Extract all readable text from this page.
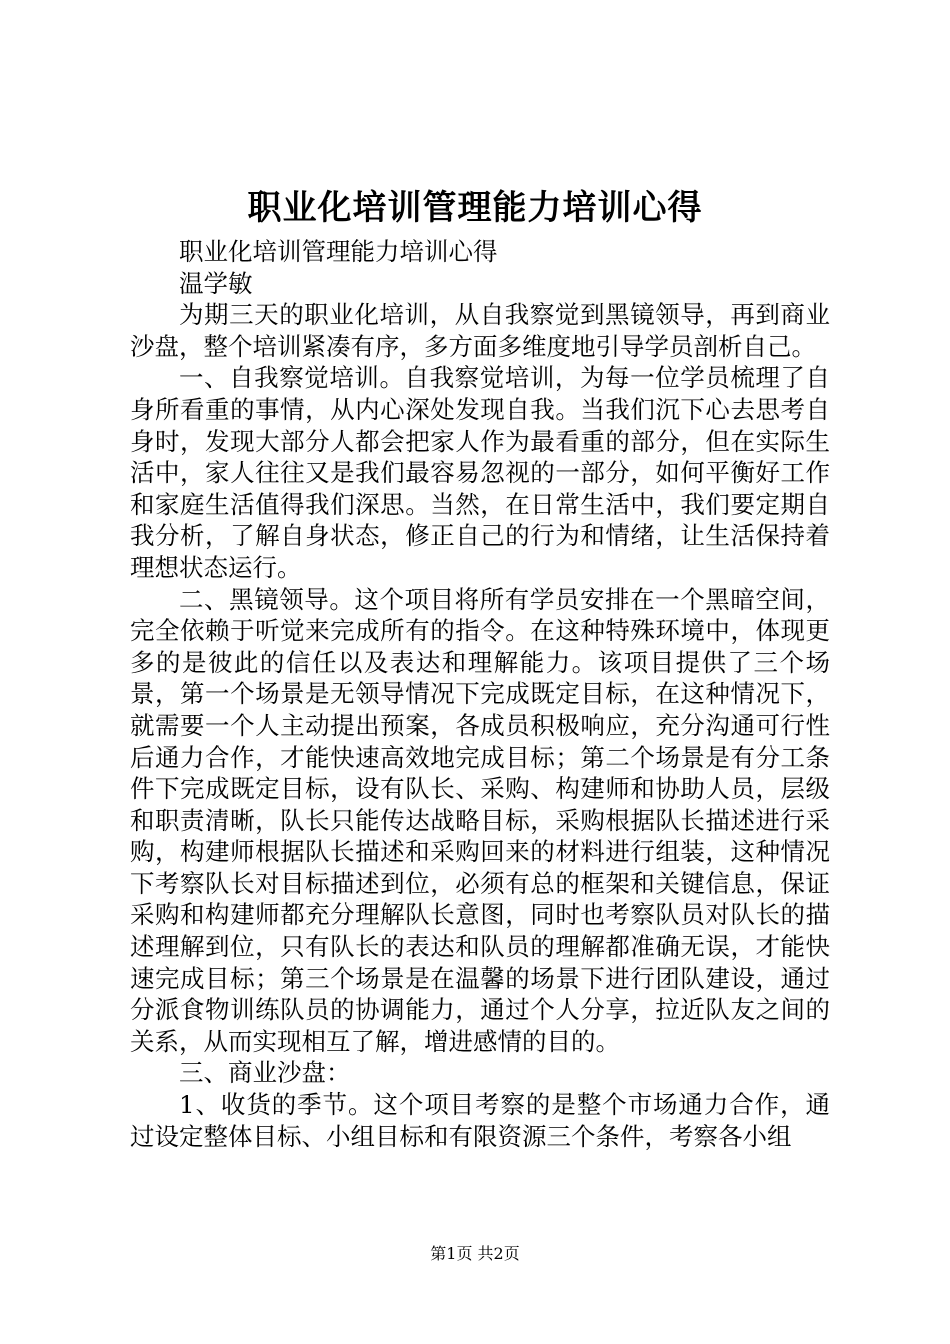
职业化培训管理能力培训心得

职业化培训管理能力培训心得

温学敏

为期三天的职业化培训，从自我察觉到黑镜领导，再到商业沙盘，整个培训紧凑有序，多方面多维度地引导学员剖析自己。

一、自我察觉培训。自我察觉培训，为每一位学员梳理了自身所看重的事情，从内心深处发现自我。当我们沉下心去思考自身时，发现大部分人都会把家人作为最看重的部分，但在实际生活中，家人往往又是我们最容易忽视的一部分，如何平衡好工作和家庭生活值得我们深思。当然，在日常生活中，我们要定期自我分析，了解自身状态，修正自己的行为和情绪，让生活保持着理想状态运行。

二、黑镜领导。这个项目将所有学员安排在一个黑暗空间，完全依赖于听觉来完成所有的指令。在这种特殊环境中，体现更多的是彼此的信任以及表达和理解能力。该项目提供了三个场景，第一个场景是无领导情况下完成既定目标，在这种情况下，就需要一个人主动提出预案，各成员积极响应，充分沟通可行性后通力合作，才能快速高效地完成目标；第二个场景是有分工条件下完成既定目标，设有队长、采购、构建师和协助人员，层级和职责清晰，队长只能传达战略目标，采购根据队长描述进行采购，构建师根据队长描述和采购回来的材料进行组装，这种情况下考察队长对目标描述到位，必须有总的框架和关键信息，保证采购和构建师都充分理解队长意图，同时也考察队员对队长的描述理解到位，只有队长的表达和队员的理解都准确无误，才能快速完成目标；第三个场景是在温馨的场景下进行团队建设，通过分派食物训练队员的协调能力，通过个人分享，拉近队友之间的关系，从而实现相互了解，增进感情的目的。

三、商业沙盘：

1、收货的季节。这个项目考察的是整个市场通力合作，通过设定整体目标、小组目标和有限资源三个条件，考察各小组

第1页 共2页
